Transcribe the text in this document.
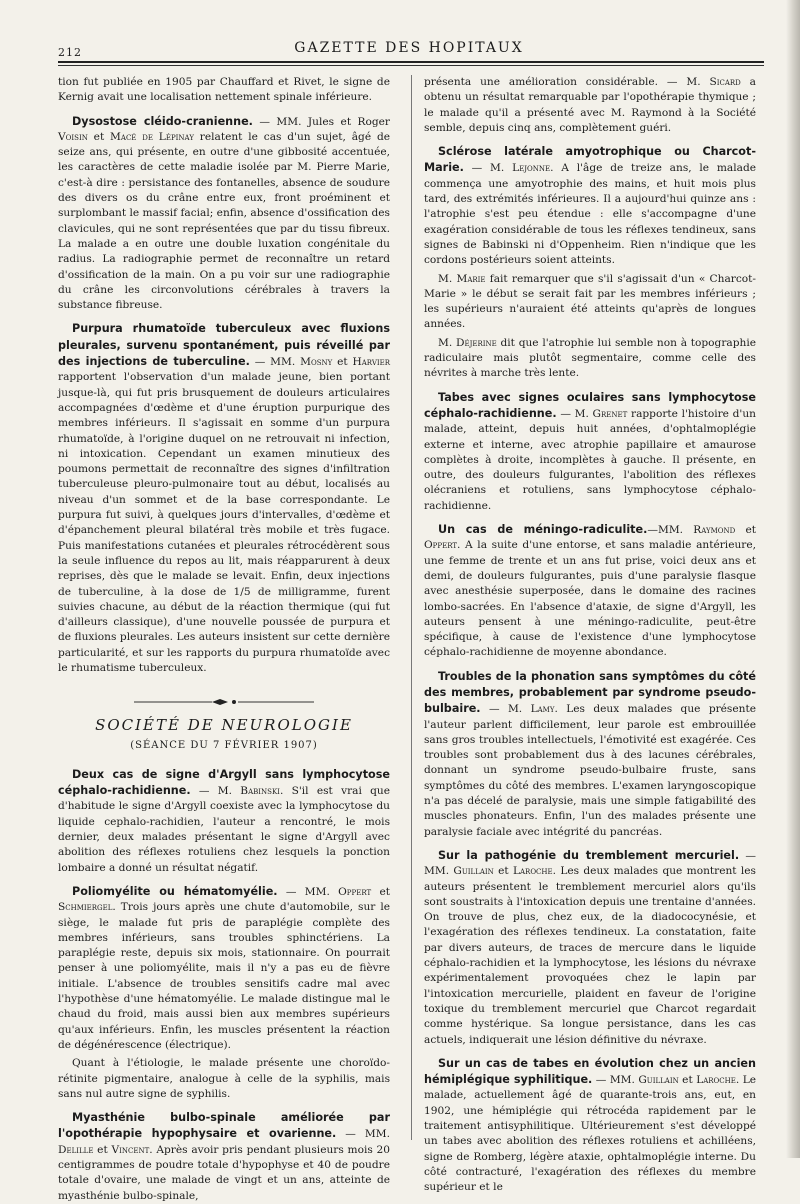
212	GAZETTE DES HOPITAUX

tion fut publiée en 1905 par Chauffard et Rivet, le signe de Kernig avait une localisation nettement spinale inférieure.

Dysostose cléido-cranienne. — MM. Jules et Roger Voisin et Macé de Lépinay relatent le cas d'un sujet, âgé de seize ans, qui présente, en outre d'une gibbosité accentuée, les caractères de cette maladie isolée par M. Pierre Marie, c'est-à dire : persistance des fontanelles, absence de soudure des divers os du crâne entre eux, front proéminent et surplombant le massif facial; enfin, absence d'ossification des clavicules, qui ne sont représentées que par du tissu fibreux. La malade a en outre une double luxation congénitale du radius. La radiographie permet de reconnaître un retard d'ossification de la main. On a pu voir sur une radiographie du crâne les circonvolutions cérébrales à travers la substance fibreuse.

Purpura rhumatoïde tuberculeux avec fluxions pleurales, survenu spontanément, puis réveillé par des injections de tuberculine. — MM. Mosny et Harvier rapportent l'observation d'un malade jeune, bien portant jusque-là, qui fut pris brusquement de douleurs articulaires accompagnées d'œdème et d'une éruption purpurique des membres inférieurs. Il s'agissait en somme d'un purpura rhumatoïde, à l'origine duquel on ne retrouvait ni infection, ni intoxication. Cependant un examen minutieux des poumons permettait de reconnaître des signes d'infiltration tuberculeuse pleuro-pulmonaire tout au début, localisés au niveau d'un sommet et de la base correspondante. Le purpura fut suivi, à quelques jours d'intervalles, d'œdème et d'épanchement pleural bilatéral très mobile et très fugace. Puis manifestations cutanées et pleurales rétrocédèrent sous la seule influence du repos au lit, mais réapparurent à deux reprises, dès que le malade se levait. Enfin, deux injections de tuberculine, à la dose de 1/5 de milligramme, furent suivies chacune, au début de la réaction thermique (qui fut d'ailleurs classique), d'une nouvelle poussée de purpura et de fluxions pleurales. Les auteurs insistent sur cette dernière particularité, et sur les rapports du purpura rhumatoïde avec le rhumatisme tuberculeux.

SOCIÉTÉ DE NEUROLOGIE
(SÉANCE DU 7 FÉVRIER 1907)

Deux cas de signe d'Argyll sans lymphocytose céphalo-rachidienne. — M. Babinski. S'il est vrai que d'habitude le signe d'Argyll coexiste avec la lymphocytose du liquide cephalo-rachidien, l'auteur a rencontré, le mois dernier, deux malades présentant le signe d'Argyll avec abolition des réflexes rotuliens chez lesquels la ponction lombaire a donné un résultat négatif.

Poliomyélite ou hématomyélie. — MM. Oppert et Schmiergel. Trois jours après une chute d'automobile, sur le siège, le malade fut pris de paraplégie complète des membres inférieurs, sans troubles sphinctériens. La paraplégie reste, depuis six mois, stationnaire. On pourrait penser à une poliomyélite, mais il n'y a pas eu de fièvre initiale. L'absence de troubles sensitifs cadre mal avec l'hypothèse d'une hématomyélie. Le malade distingue mal le chaud du froid, mais aussi bien aux membres supérieurs qu'aux inférieurs. Enfin, les muscles présentent la réaction de dégénérescence (électrique).

Quant à l'étiologie, le malade présente une choroïdo-rétinite pigmentaire, analogue à celle de la syphilis, mais sans nul autre signe de syphilis.

Myasthénie bulbo-spinale améliorée par l'opothérapie hypophysaire et ovarienne. — MM. Delille et Vincent. Après avoir pris pendant plusieurs mois 20 centigrammes de poudre totale d'hypophyse et 40 de poudre totale d'ovaire, une malade de vingt et un ans, atteinte de myasthénie bulbo-spinale,

présenta une amélioration considérable. — M. Sicard a obtenu un résultat remarquable par l'opothérapie thymique ; le malade qu'il a présenté avec M. Raymond à la Société semble, depuis cinq ans, complètement guéri.

Sclérose latérale amyotrophique ou Charcot-Marie. — M. Lejonne. A l'âge de treize ans, le malade commença une amyotrophie des mains, et huit mois plus tard, des extrémités inférieures. Il a aujourd'hui quinze ans : l'atrophie s'est peu étendue : elle s'accompagne d'une exagération considérable de tous les réflexes tendineux, sans signes de Babinski ni d'Oppenheim. Rien n'indique que les cordons postérieurs soient atteints.

M. Marie fait remarquer que s'il s'agissait d'un « Charcot-Marie » le début se serait fait par les membres inférieurs ; les supérieurs n'auraient été atteints qu'après de longues années.

M. Déjerine dit que l'atrophie lui semble non à topographie radiculaire mais plutôt segmentaire, comme celle des névrites à marche très lente.

Tabes avec signes oculaires sans lymphocytose céphalo-rachidienne. — M. Grenet rapporte l'histoire d'un malade, atteint, depuis huit années, d'ophtalmoplégie externe et interne, avec atrophie papillaire et amaurose complètes à droite, incomplètes à gauche. Il présente, en outre, des douleurs fulgurantes, l'abolition des réflexes olécraniens et rotuliens, sans lymphocytose céphalo-rachidienne.

Un cas de méningo-radiculite.—MM. Raymond et Oppert. A la suite d'une entorse, et sans maladie antérieure, une femme de trente et un ans fut prise, voici deux ans et demi, de douleurs fulgurantes, puis d'une paralysie flasque avec anesthésie superposée, dans le domaine des racines lombo-sacrées. En l'absence d'ataxie, de signe d'Argyll, les auteurs pensent à une méningo-radiculite, peut-être spécifique, à cause de l'existence d'une lymphocytose céphalo-rachidienne de moyenne abondance.

Troubles de la phonation sans symptômes du côté des membres, probablement par syndrome pseudo-bulbaire. — M. Lamy. Les deux malades que présente l'auteur parlent difficilement, leur parole est embrouillée sans gros troubles intellectuels, l'émotivité est exagérée. Ces troubles sont probablement dus à des lacunes cérébrales, donnant un syndrome pseudo-bulbaire fruste, sans symptômes du côté des membres. L'examen laryngoscopique n'a pas décelé de paralysie, mais une simple fatigabilité des muscles phonateurs. Enfin, l'un des malades présente une paralysie faciale avec intégrité du pancréas.

Sur la pathogénie du tremblement mercuriel. — MM. Guillain et Laroche. Les deux malades que montrent les auteurs présentent le tremblement mercuriel alors qu'ils sont soustraits à l'intoxication depuis une trentaine d'années. On trouve de plus, chez eux, de la diadococynésie, et l'exagération des réflexes tendineux. La constatation, faite par divers auteurs, de traces de mercure dans le liquide céphalo-rachidien et la lymphocytose, les lésions du névraxe expérimentalement provoquées chez le lapin par l'intoxication mercurielle, plaident en faveur de l'origine toxique du tremblement mercuriel que Charcot regardait comme hystérique. Sa longue persistance, dans les cas actuels, indiquerait une lésion définitive du névraxe.

Sur un cas de tabes en évolution chez un ancien hémiplégique syphilitique. — MM. Guillain et Laroche. Le malade, actuellement âgé de quarante-trois ans, eut, en 1902, une hémiplégie qui rétrocéda rapidement par le traitement antisyphilitique. Ultérieurement s'est développé un tabes avec abolition des réflexes rotuliens et achilléens, signe de Romberg, légère ataxie, ophtalmoplégie interne. Du côté contracturé, l'exagération des réflexes du membre supérieur et le
